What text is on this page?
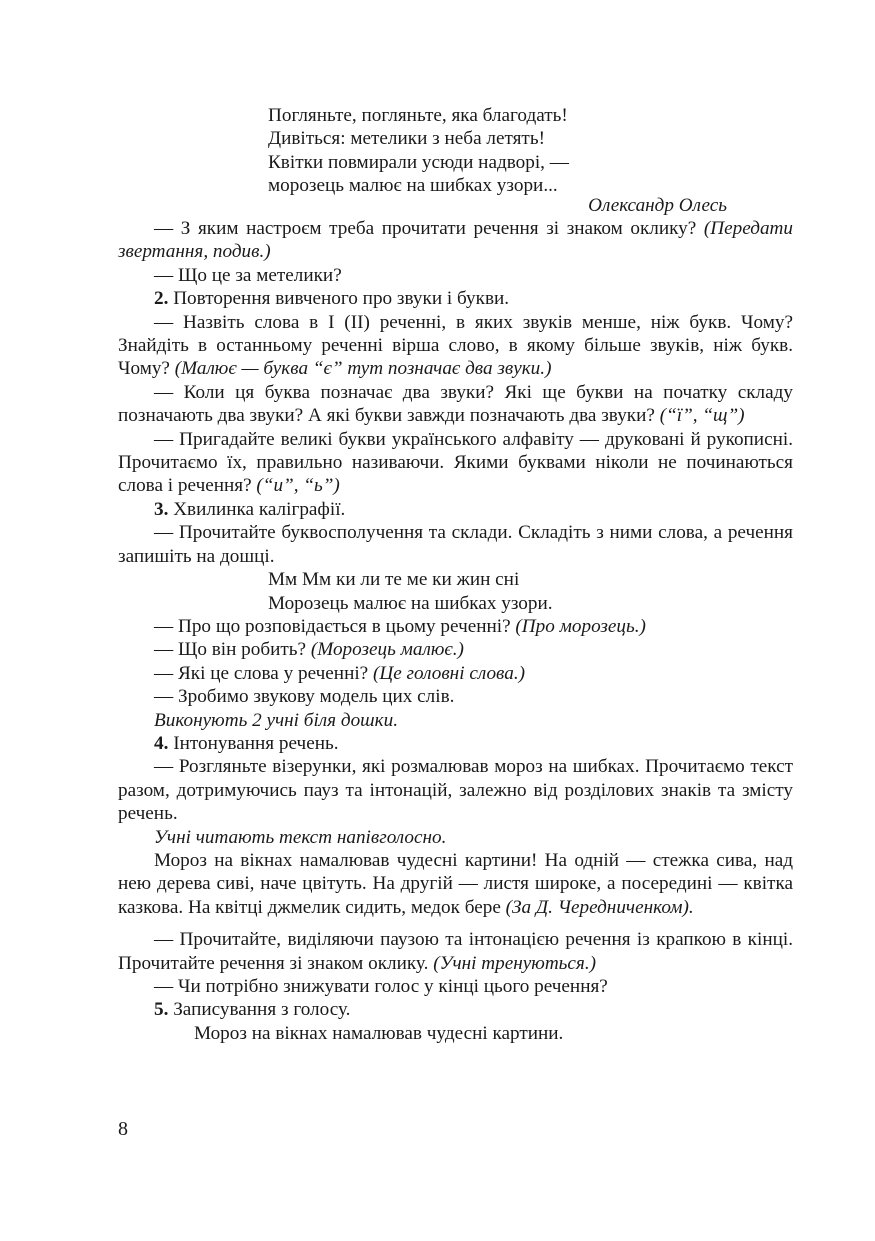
Погляньте, погляньте, яка благодать!
Дивіться: метелики з неба летять!
Квітки повмирали усюди надворі, —
морозець малює на шибках узори...
Олександр Олесь

— З яким настроєм треба прочитати речення зі знаком оклику? (Передати звертання, подив.)

— Що це за метелики?

2. Повторення вивченого про звуки і букви.

— Назвіть слова в I (II) реченні, в яких звуків менше, ніж букв. Чому? Знайдіть в останньому реченні вірша слово, в якому більше звуків, ніж букв. Чому? (Малює — буква “є” тут позначає два звуки.)

— Коли ця буква позначає два звуки? Які ще букви на початку складу позначають два звуки? А які букви завжди позначають два звуки? (“ї”, “щ”)

— Пригадайте великі букви українського алфавіту — друковані й рукописні. Прочитаємо їх, правильно називаючи. Якими буквами ніколи не починаються слова і речення? (“и”, “ь”)

3. Хвилинка каліграфії.

— Прочитайте буквосполучення та склади. Складіть з ними слова, а речення запишіть на дошці.

Мм Мм ки ли те ме ки жин сні
Морозець малює на шибках узори.

— Про що розповідається в цьому реченні? (Про морозець.)

— Що він робить? (Морозець малює.)

— Які це слова у реченні? (Це головні слова.)

— Зробимо звукову модель цих слів.

Виконують 2 учні біля дошки.

4. Інтонування речень.

— Розгляньте візерунки, які розмалював мороз на шибках. Прочитаємо текст разом, дотримуючись пауз та інтонацій, залежно від розділових знаків та змісту речень.

Учні читають текст напівголосно.

Мороз на вікнах намалював чудесні картини! На одній — стежка сива, над нею дерева сиві, наче цвітуть. На другій — листя широке, а посередині — квітка казкова. На квітці джмелик сидить, медок бере (За Д. Чередниченком).

— Прочитайте, виділяючи паузою та інтонацією речення із крапкою в кінці. Прочитайте речення зі знаком оклику. (Учні тренуються.)

— Чи потрібно знижувати голос у кінці цього речення?

5. Записування з голосу.

Мороз на вікнах намалював чудесні картини.
8
